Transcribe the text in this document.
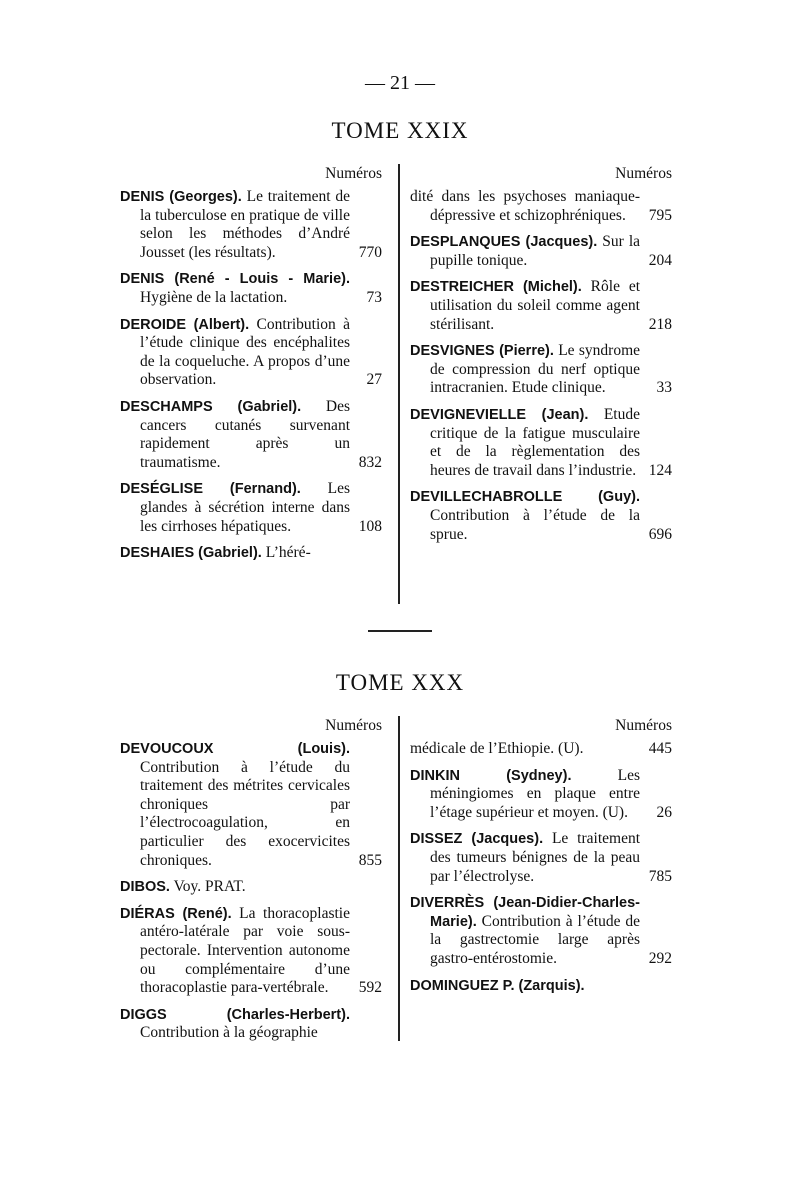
— 21 —
TOME XXIX
Numéros
DENIS (Georges). Le traitement de la tuberculose en pratique de ville selon les méthodes d’André Jousset (les résultats).	770
DENIS (René - Louis - Marie). Hygiène de la lactation.	73
DEROIDE (Albert). Contribution à l’étude clinique des encéphalites de la coqueluche. A propos d’une observation.	27
DESCHAMPS (Gabriel). Des cancers cutanés survenant rapidement après un traumatisme.	832
DESÉGLISE (Fernand). Les glandes à sécrétion interne dans les cirrhoses hépatiques.	108
DESHAIES (Gabriel). L’héré-
Numéros
dité dans les psychoses maniaque-dépressive et schizophréniques.	795
DESPLANQUES (Jacques). Sur la pupille tonique.	204
DESTREICHER (Michel). Rôle et utilisation du soleil comme agent stérilisant.	218
DESVIGNES (Pierre). Le syndrome de compression du nerf optique intracranien. Etude clinique.	33
DEVIGNEVIELLE (Jean). Etude critique de la fatigue musculaire et de la règlementation des heures de travail dans l’industrie. 124
DEVILLECHABROLLE (Guy). Contribution à l’étude de la sprue.	696
TOME XXX
Numéros
DEVOUCOUX (Louis). Contribution à l’étude du traitement des métrites cervicales chroniques par l’électrocoagulation, en particulier des exocervicites chroniques.	855
DIBOS. Voy. PRAT.
DIÉRAS (René). La thoracoplastie antéro-latérale par voie sous-pectorale. Intervention autonome ou complémentaire d’une thoracoplastie para-vertébrale.	592
DIGGS (Charles-Herbert). Contribution à la géographie
Numéros
médicale de l’Ethiopie. (U).	445
DINKIN (Sydney).	Les méningiomes en plaque entre l’étage supérieur et moyen. (U).	26
DISSEZ (Jacques). Le traitement des tumeurs bénignes de la peau par l’électrolyse.	785
DIVERRÈS (Jean-Didier-Charles-Marie). Contribution à l’étude de la gastrectomie large après gastro-entérostomie.	292
DOMINGUEZ P. (Zarquis).
